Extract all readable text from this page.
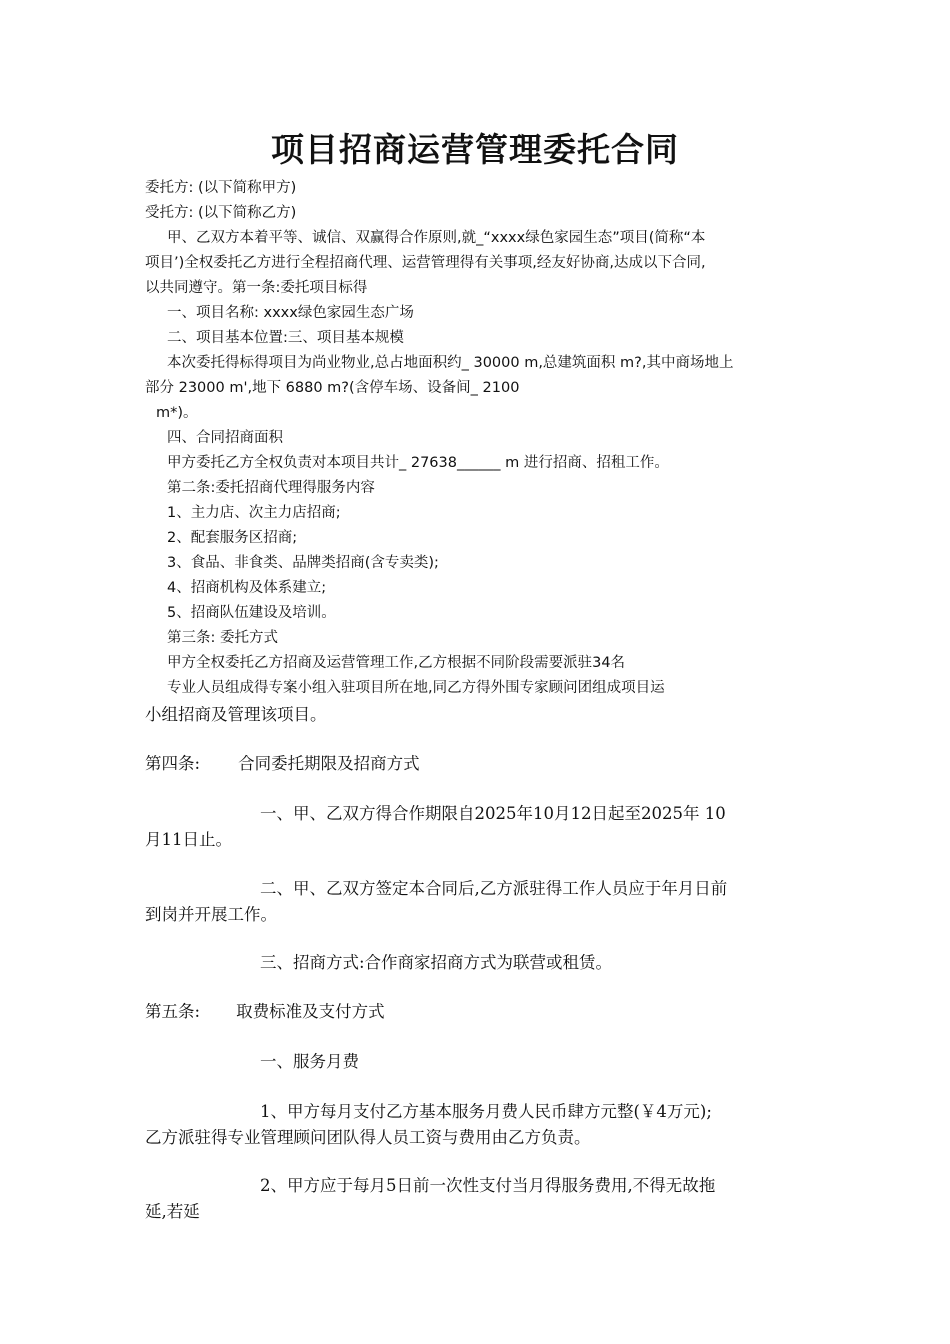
项目招商运营管理委托合同

委托方: (以下简称甲方)

受托方: (以下简称乙方)

甲、乙双方本着平等、诚信、双赢得合作原则,就_“xxxx绿色家园生态”项目(简称“本

项目’)全权委托乙方进行全程招商代理、运营管理得有关事项,经友好协商,达成以下合同,

以共同遵守。第一条:委托项目标得

一、项目名称: xxxx绿色家园生态广场

二、项目基本位置:三、项目基本规模

本次委托得标得项目为尚业物业,总占地面积约_ 30000 m,总建筑面积 m?,其中商场地上

部分 23000 m',地下 6880 m?(含停车场、设备间_ 2100

m*)。

四、合同招商面积

甲方委托乙方全权负责对本项目共计_ 27638______ m 进行招商、招租工作。

第二条:委托招商代理得服务内容

1、主力店、次主力店招商;

2、配套服务区招商;

3、食品、非食类、品牌类招商(含专卖类);

4、招商机构及体系建立;

5、招商队伍建设及培训。

第三条: 委托方式

甲方全权委托乙方招商及运营管理工作,乙方根据不同阶段需要派驻34名

专业人员组成得专案小组入驻项目所在地,同乙方得外围专家顾问团组成项目运

小组招商及管理该项目。

第四条: 合同委托期限及招商方式

一、甲、乙双方得合作期限自2025年10月12日起至2025年 10

月11日止。

二、甲、乙双方签定本合同后,乙方派驻得工作人员应于年月日前

到岗并开展工作。

三、招商方式:合作商家招商方式为联营或租赁。

第五条: 取费标准及支付方式

一、服务月费

1、甲方每月支付乙方基本服务月费人民币肆方元整(￥4万元);

乙方派驻得专业管理顾问团队得人员工资与费用由乙方负责。

2、甲方应于每月5日前一次性支付当月得服务费用,不得无故拖

延,若延
